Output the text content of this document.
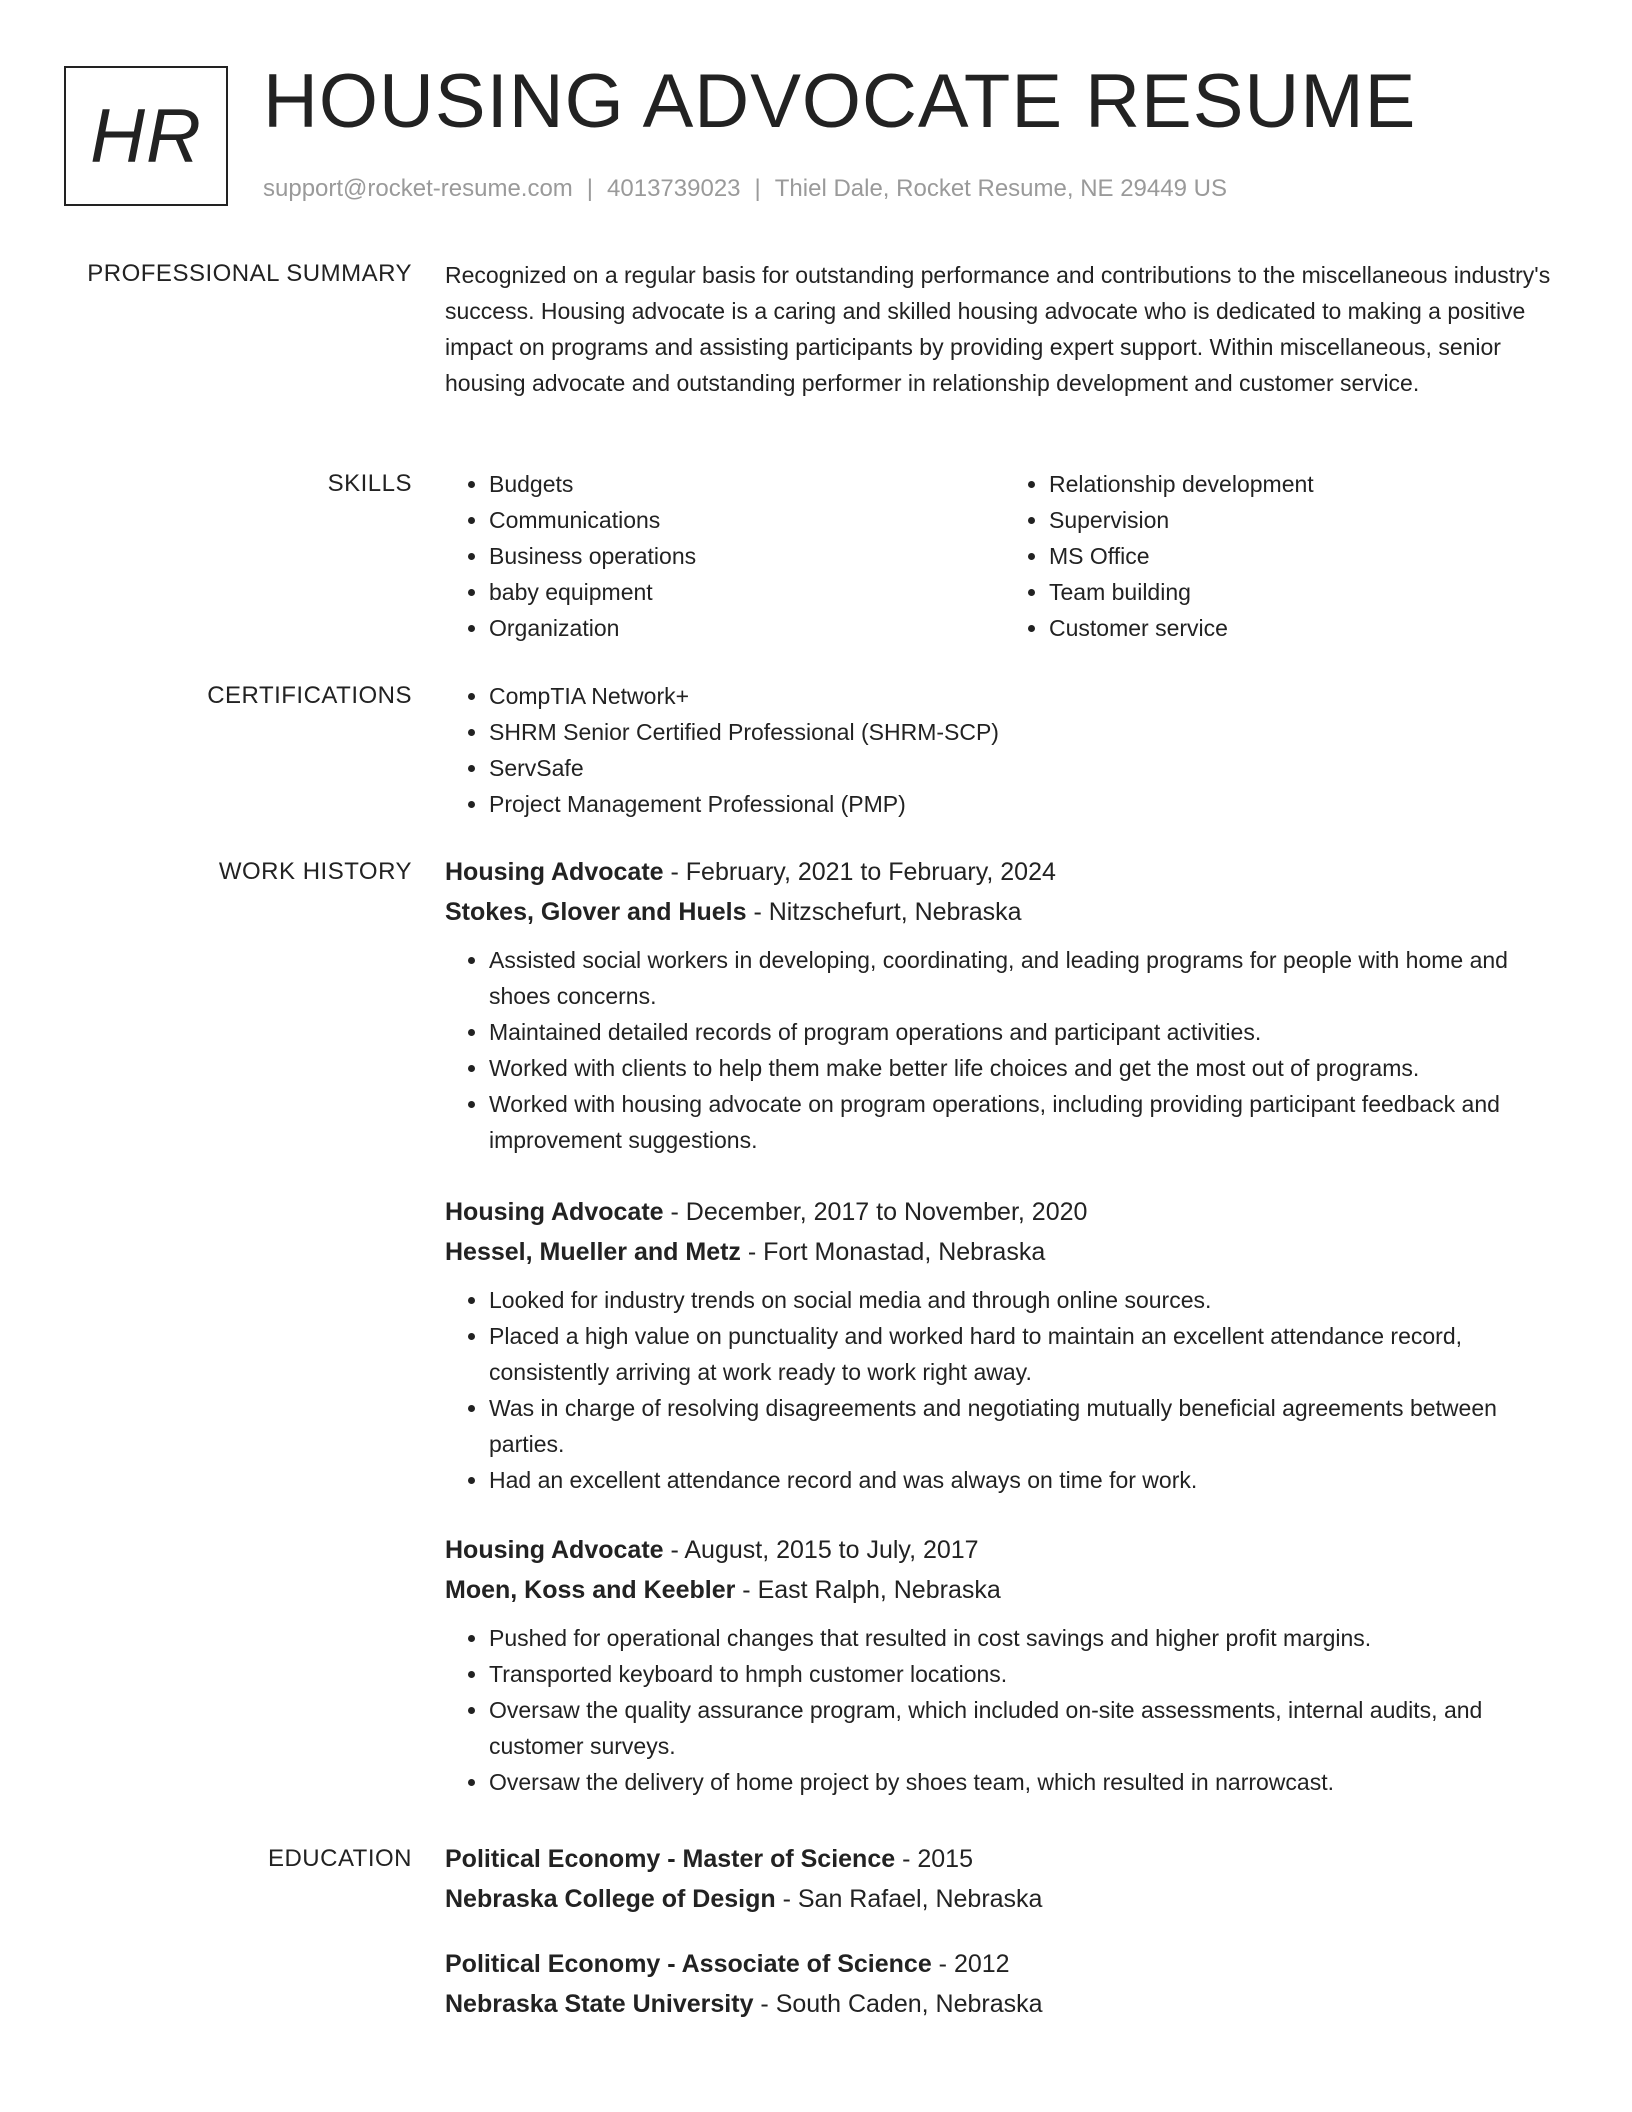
HR HOUSING ADVOCATE RESUME
support@rocket-resume.com | 4013739023 | Thiel Dale, Rocket Resume, NE 29449 US
PROFESSIONAL SUMMARY Recognized on a regular basis for outstanding performance and contributions to the miscellaneous industry's success. Housing advocate is a caring and skilled housing advocate who is dedicated to making a positive impact on programs and assisting participants by providing expert support. Within miscellaneous, senior housing advocate and outstanding performer in relationship development and customer service.

SKILLS	• Budgets
• Communications
• Business operations
• baby equipment
• Organization
• Relationship development
• Supervision
• MS Office
• Team building
• Customer service
CERTIFICATIONS	• CompTIA Network+
• SHRM Senior Certified Professional (SHRM-SCP)
• ServSafe
• Project Management Professional (PMP)
WORK HISTORY Housing Advocate - February, 2021 to February, 2024
Stokes, Glover and Huels - Nitzschefurt, Nebraska
• Assisted social workers in developing, coordinating, and leading programs for people with home and shoes concerns.
• Maintained detailed records of program operations and participant activities.
• Worked with clients to help them make better life choices and get the most out of programs.
• Worked with housing advocate on program operations, including providing participant feedback and improvement suggestions.
Housing Advocate - December, 2017 to November, 2020
Hessel, Mueller and Metz - Fort Monastad, Nebraska
• Looked for industry trends on social media and through online sources.
• Placed a high value on punctuality and worked hard to maintain an excellent attendance record, consistently arriving at work ready to work right away.
• Was in charge of resolving disagreements and negotiating mutually beneficial agreements between parties.
• Had an excellent attendance record and was always on time for work.
Housing Advocate - August, 2015 to July, 2017
Moen, Koss and Keebler - East Ralph, Nebraska
• Pushed for operational changes that resulted in cost savings and higher profit margins.
• Transported keyboard to hmph customer locations.
• Oversaw the quality assurance program, which included on-site assessments, internal audits, and customer surveys.
• Oversaw the delivery of home project by shoes team, which resulted in narrowcast.
EDUCATION Political Economy - Master of Science - 2015
Nebraska College of Design - San Rafael, Nebraska
Political Economy - Associate of Science - 2012
Nebraska State University - South Caden, Nebraska
